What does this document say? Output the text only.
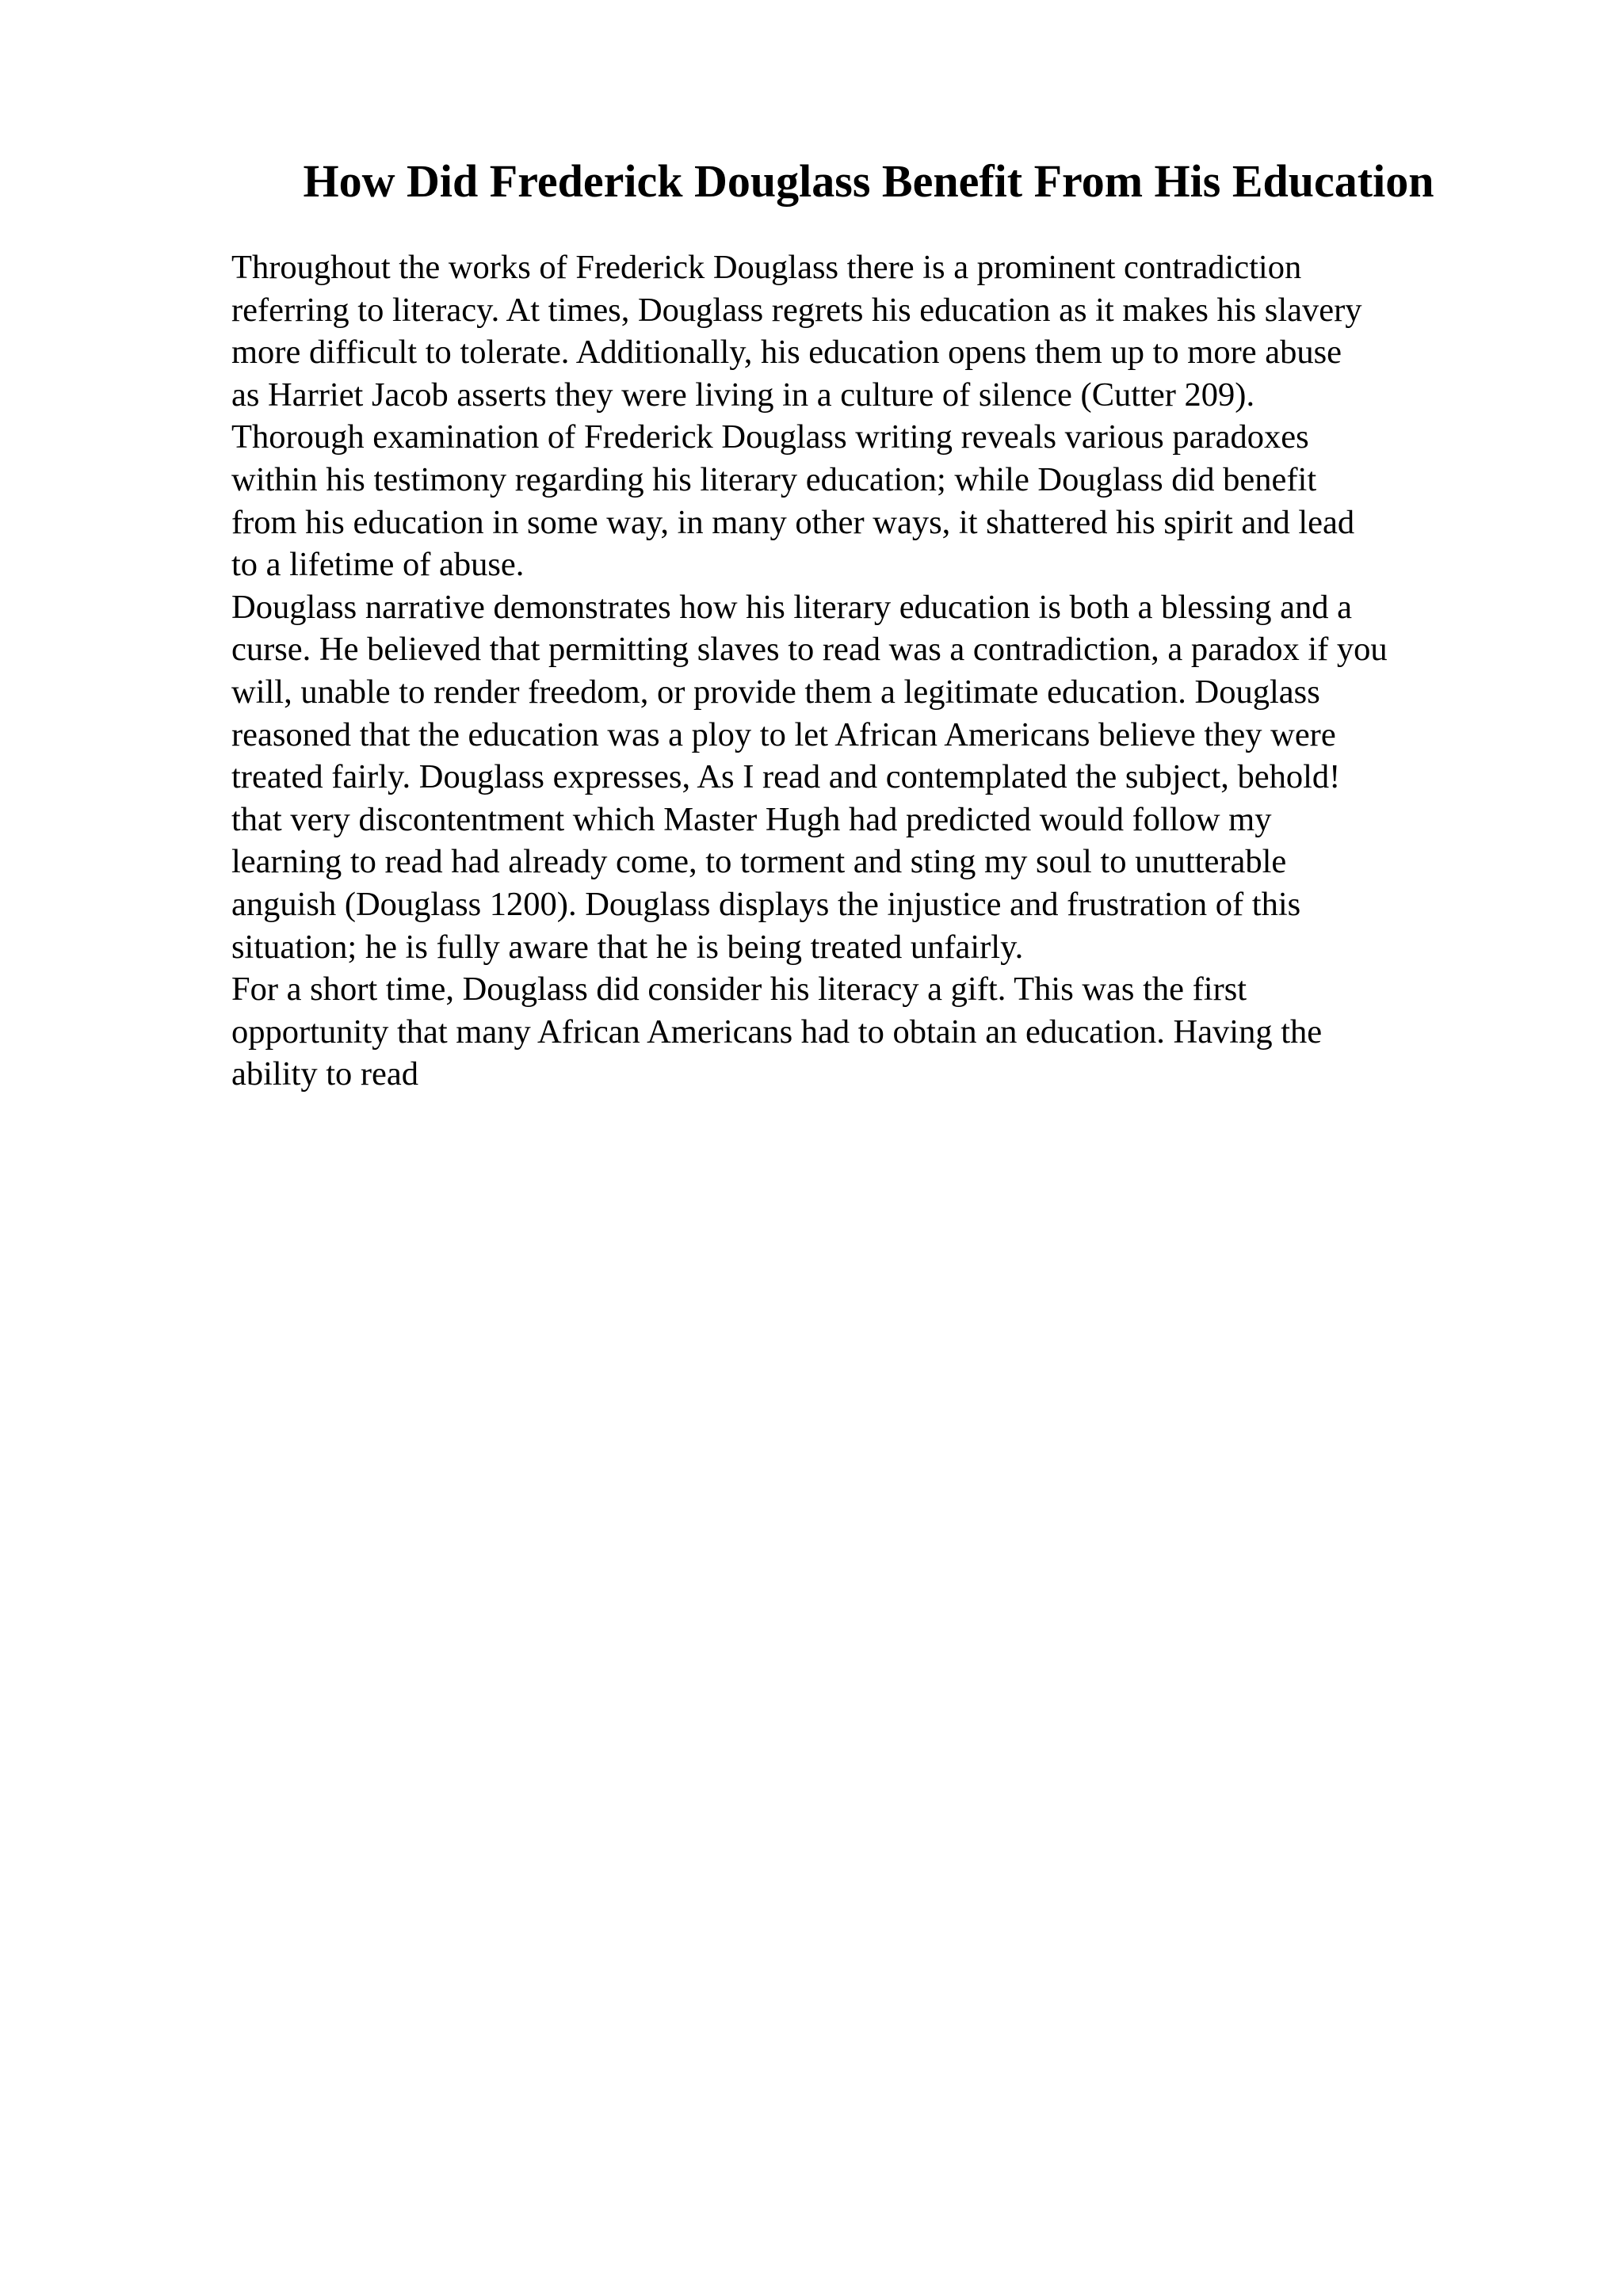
How Did Frederick Douglass Benefit From His Education
Throughout the works of Frederick Douglass there is a prominent contradiction
referring to literacy. At times, Douglass regrets his education as it makes his slavery
more difficult to tolerate. Additionally, his education opens them up to more abuse
as Harriet Jacob asserts they were living in a culture of silence (Cutter 209).
Thorough examination of Frederick Douglass writing reveals various paradoxes
within his testimony regarding his literary education; while Douglass did benefit
from his education in some way, in many other ways, it shattered his spirit and lead
to a lifetime of abuse.
Douglass narrative demonstrates how his literary education is both a blessing and a
curse. He believed that permitting slaves to read was a contradiction, a paradox if you
will, unable to render freedom, or provide them a legitimate education. Douglass
reasoned that the education was a ploy to let African Americans believe they were
treated fairly. Douglass expresses, As I read and contemplated the subject, behold!
that very discontentment which Master Hugh had predicted would follow my
learning to read had already come, to torment and sting my soul to unutterable
anguish (Douglass 1200). Douglass displays the injustice and frustration of this
situation; he is fully aware that he is being treated unfairly.
For a short time, Douglass did consider his literacy a gift. This was the first
opportunity that many African Americans had to obtain an education. Having the
ability to read
